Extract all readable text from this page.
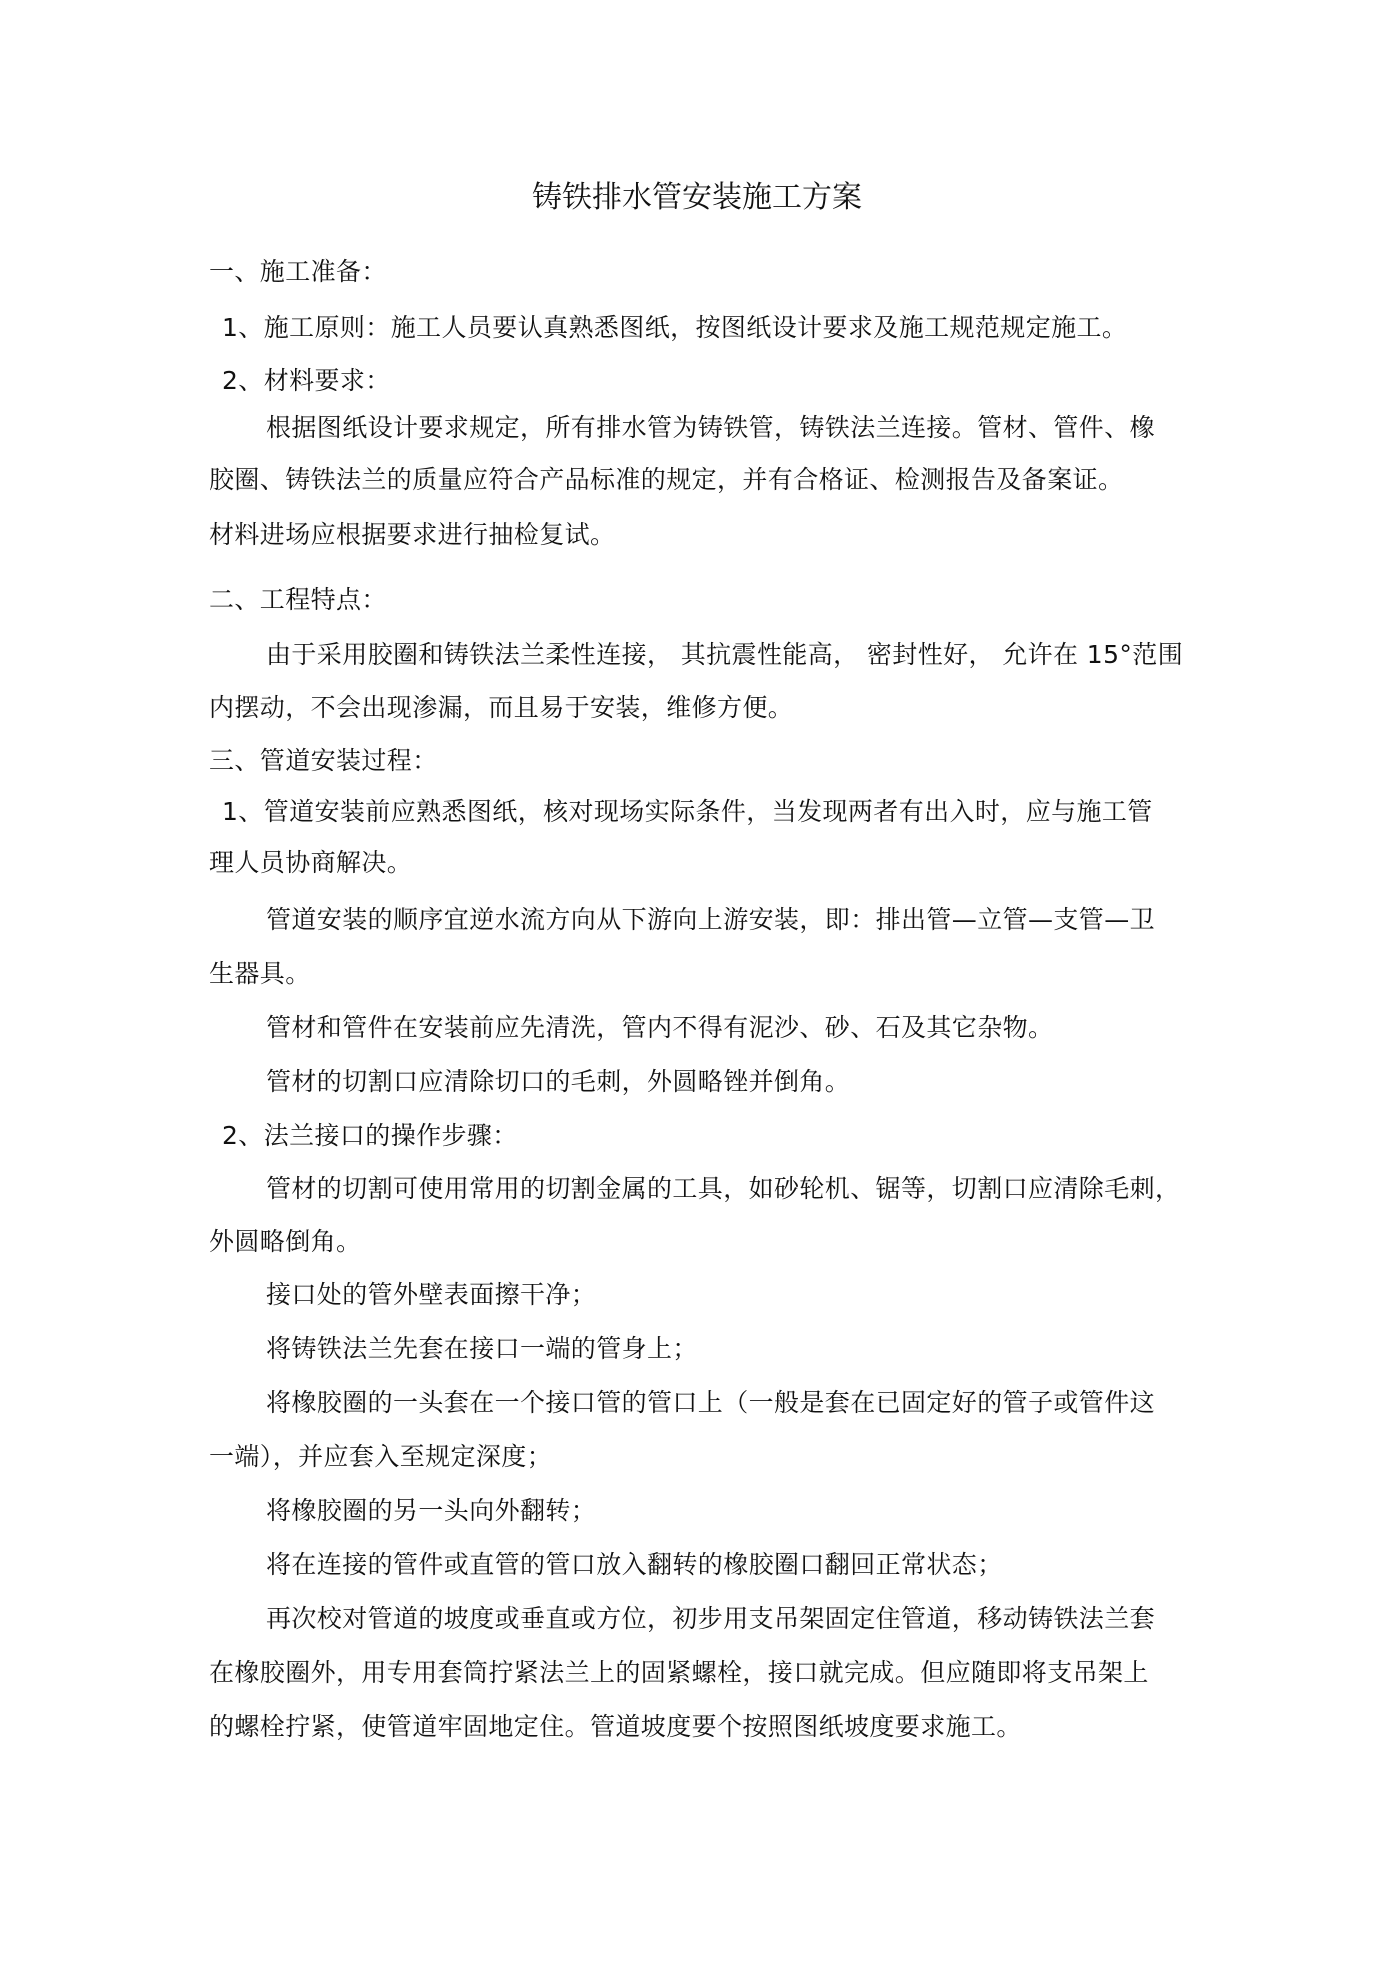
铸铁排水管安装施工方案
一、施工准备：
1、施工原则：施工人员要认真熟悉图纸，按图纸设计要求及施工规范规定施工。
2、材料要求：
根据图纸设计要求规定，所有排水管为铸铁管，铸铁法兰连接。管材、管件、橡
胶圈、铸铁法兰的质量应符合产品标准的规定，并有合格证、检测报告及备案证。
材料进场应根据要求进行抽检复试。
二、工程特点：
由于采用胶圈和铸铁法兰柔性连接， 其抗震性能高， 密封性好， 允许在 15°范围
内摆动，不会出现渗漏，而且易于安装，维修方便。
三、管道安装过程：
1、管道安装前应熟悉图纸，核对现场实际条件，当发现两者有出入时，应与施工管
理人员协商解决。
管道安装的顺序宜逆水流方向从下游向上游安装，即：排出管—立管—支管—卫
生器具。
管材和管件在安装前应先清洗，管内不得有泥沙、砂、石及其它杂物。
管材的切割口应清除切口的毛刺，外圆略锉并倒角。
2、法兰接口的操作步骤：
管材的切割可使用常用的切割金属的工具，如砂轮机、锯等，切割口应清除毛刺，
外圆略倒角。
接口处的管外壁表面擦干净；
将铸铁法兰先套在接口一端的管身上；
将橡胶圈的一头套在一个接口管的管口上（一般是套在已固定好的管子或管件这
一端），并应套入至规定深度；
将橡胶圈的另一头向外翻转；
将在连接的管件或直管的管口放入翻转的橡胶圈口翻回正常状态；
再次校对管道的坡度或垂直或方位，初步用支吊架固定住管道，移动铸铁法兰套
在橡胶圈外，用专用套筒拧紧法兰上的固紧螺栓，接口就完成。但应随即将支吊架上
的螺栓拧紧，使管道牢固地定住。管道坡度要个按照图纸坡度要求施工。
